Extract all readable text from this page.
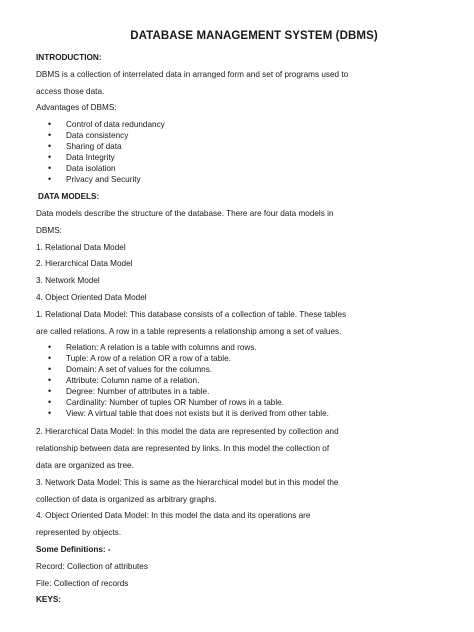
DATABASE MANAGEMENT SYSTEM (DBMS)

INTRODUCTION:

DBMS is a collection of interrelated data in arranged form and set of programs used to

access those data.

Advantages of DBMS:

• Control of data redundancy
• Data consistency
• Sharing of data
• Data Integrity
• Data isolation
• Privacy and Security

DATA MODELS:

Data models describe the structure of the database. There are four data models in

DBMS:

1. Relational Data Model

2. Hierarchical Data Model

3. Network Model

4. Object Oriented Data Model

1. Relational Data Model: This database consists of a collection of table. These tables

are called relations. A row in a table represents a relationship among a set of values.

• Relation: A relation is a table with columns and rows.
• Tuple: A row of a relation OR a row of a table.
• Domain: A set of values for the columns.
• Attribute: Column name of a relation.
• Degree: Number of attributes in a table.
• Cardinality: Number of tuples OR Number of rows in a table.
• View: A virtual table that does not exists but it is derived from other table.

2. Hierarchical Data Model: In this model the data are represented by collection and

relationship between data are represented by links. In this model the collection of

data are organized as tree.

3. Network Data Model: This is same as the hierarchical model but in this model the

collection of data is organized as arbitrary graphs.

4. Object Oriented Data Model: In this model the data and its operations are

represented by objects.

Some Definitions: -

Record: Collection of attributes

File: Collection of records

KEYS:
